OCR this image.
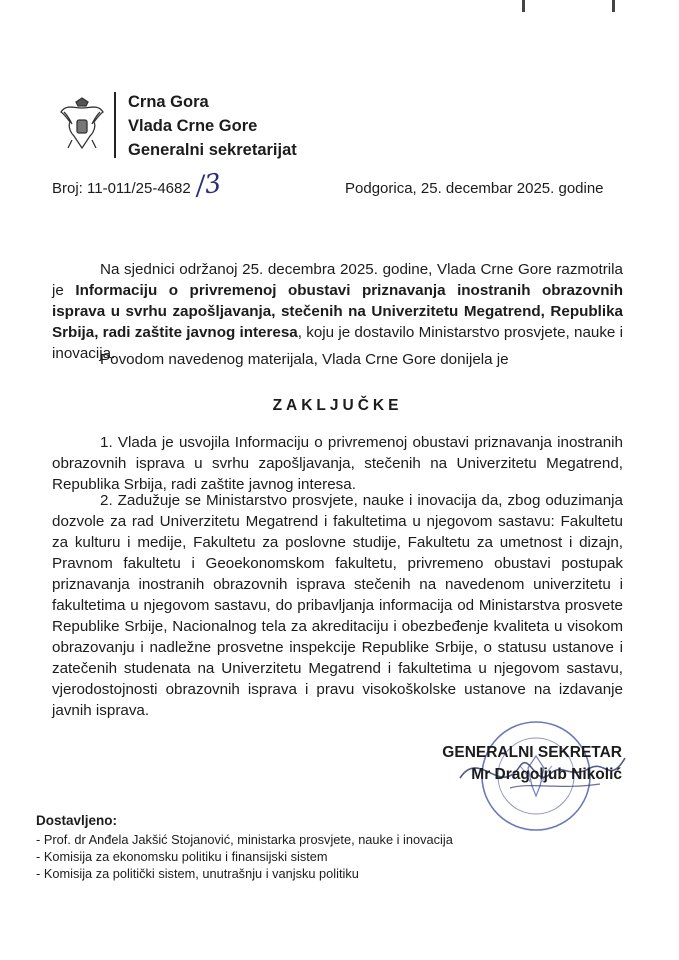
Crna Gora
Vlada Crne Gore
Generalni sekretarijat
Broj: 11-011/25-4682 /3	Podgorica, 25. decembar 2025. godine
Na sjednici održanoj 25. decembra 2025. godine, Vlada Crne Gore razmotrila je Informaciju o privremenoj obustavi priznavanja inostranih obrazovnih isprava u svrhu zapošljavanja, stečenih na Univerzitetu Megatrend, Republika Srbija, radi zaštite javnog interesa, koju je dostavilo Ministarstvo prosvjete, nauke i inovacija.
Povodom navedenog materijala, Vlada Crne Gore donijela je
ZAKLJUČKE
1. Vlada je usvojila Informaciju o privremenoj obustavi priznavanja inostranih obrazovnih isprava u svrhu zapošljavanja, stečenih na Univerzitetu Megatrend, Republika Srbija, radi zaštite javnog interesa.
2. Zadužuje se Ministarstvo prosvjete, nauke i inovacija da, zbog oduzimanja dozvole za rad Univerzitetu Megatrend i fakultetima u njegovom sastavu: Fakultetu za kulturu i medije, Fakultetu za poslovne studije, Fakultetu za umetnost i dizajn, Pravnom fakultetu i Geoekonomskom fakultetu, privremeno obustavi postupak priznavanja inostranih obrazovnih isprava stečenih na navedenom univerzitetu i fakultetima u njegovom sastavu, do pribavljanja informacija od Ministarstva prosvete Republike Srbije, Nacionalnog tela za akreditaciju i obezbeđenje kvaliteta u visokom obrazovanju i nadležne prosvetne inspekcije Republike Srbije, o statusu ustanove i zatečenih studenata na Univerzitetu Megatrend i fakultetima u njegovom sastavu, vjerodostojnosti obrazovnih isprava i pravu visokoškolske ustanove na izdavanje javnih isprava.
GENERALNI SEKRETAR
Mr Dragoljub Nikolić
Dostavljeno:
- Prof. dr Anđela Jakšić Stojanović, ministarka prosvjete, nauke i inovacija
- Komisija za ekonomsku politiku i finansijski sistem
- Komisija za politički sistem, unutrašnju i vanjsku politiku
